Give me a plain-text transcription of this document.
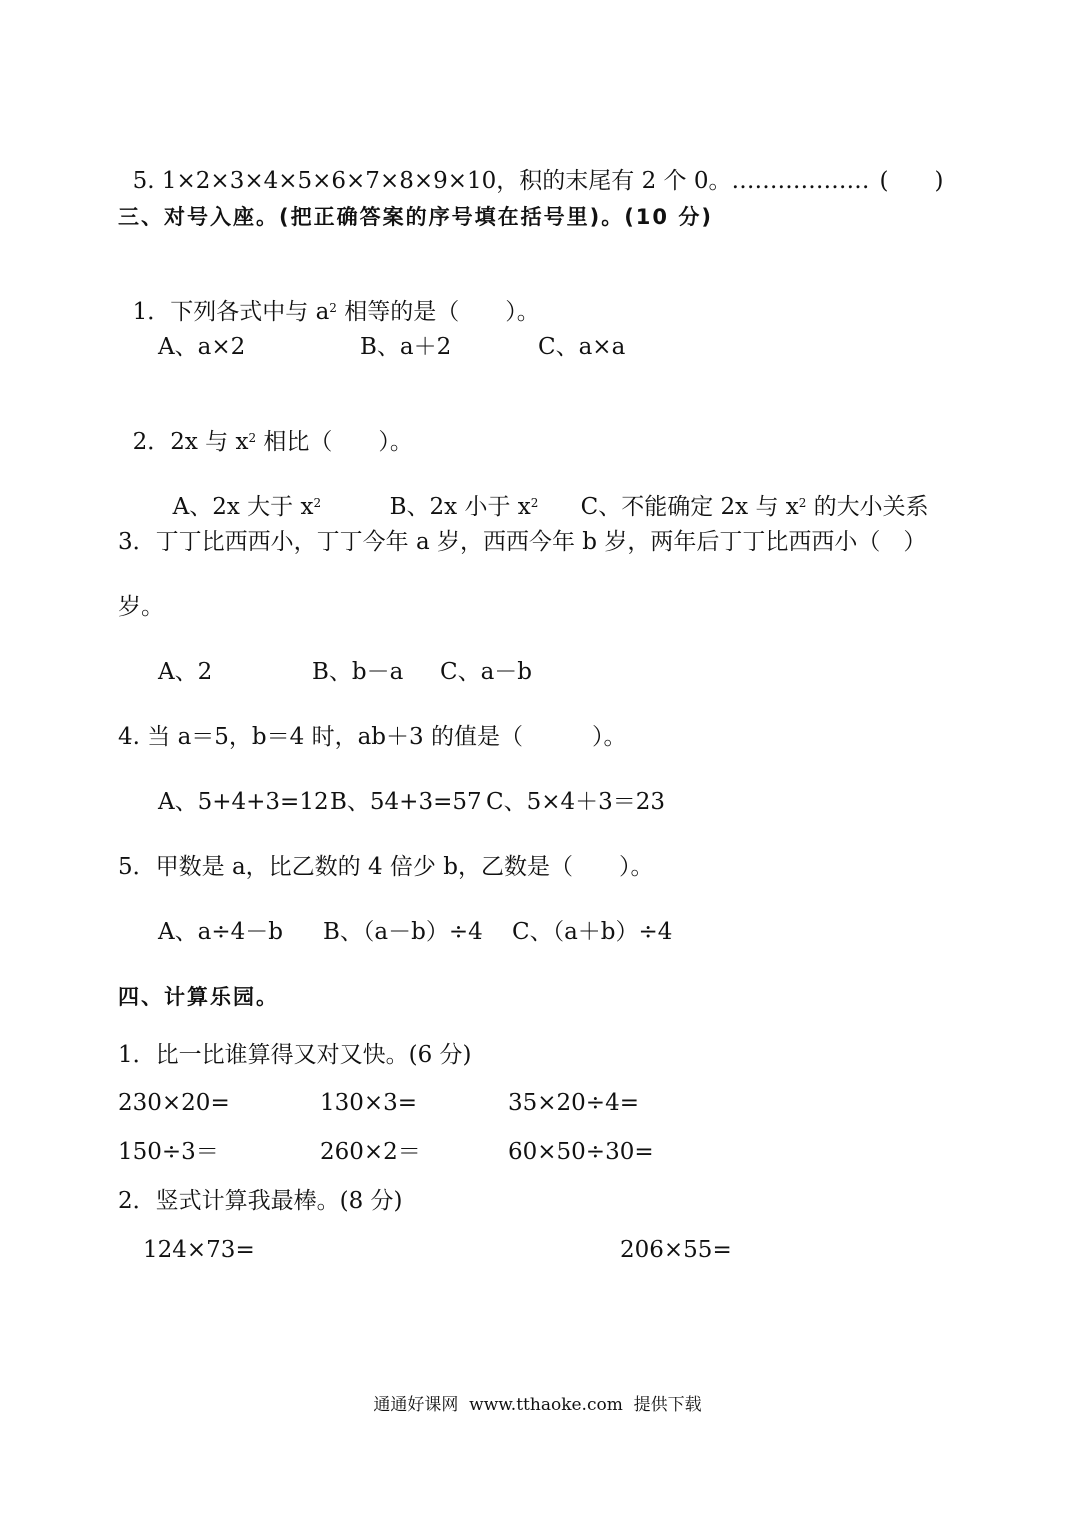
5. 1×2×3×4×5×6×7×8×9×10，积的末尾有 2 个 0。……………… (　　)

三、对号入座。(把正确答案的序号填在括号里)。(10 分)

1．下列各式中与 $a^2$ 相等的是（　　）。

A、a×2	B、a＋2	C、a×a

2．2x 与 $x^2$ 相比（　　）。

A、2x 大于 $x^2$	B、2x 小于 $x^2$	C、不能确定 2x 与 $x^2$ 的大小关系

3．丁丁比西西小，丁丁今年 a 岁，西西今年 b 岁，两年后丁丁比西西小（　）
岁。
A、2	B、b－a C、a－b
4. 当 a＝5，b＝4 时，ab＋3 的值是（　　　）。
A、5+4+3=12 B、54+3=57 C、5×4＋3＝23
5．甲数是 a，比乙数的 4 倍少 b，乙数是（　　）。
A、a÷4－b B、（a－b）÷4 C、（a＋b）÷4
四、计算乐园。
1．比一比谁算得又对又快。(6 分)
230×20=	130×3=	35×20÷4=
150÷3＝	260×2＝	60×50÷30=
2．竖式计算我最棒。(8 分)
124×73=	206×55=
通通好课网  www.tthaoke.com  提供下载
